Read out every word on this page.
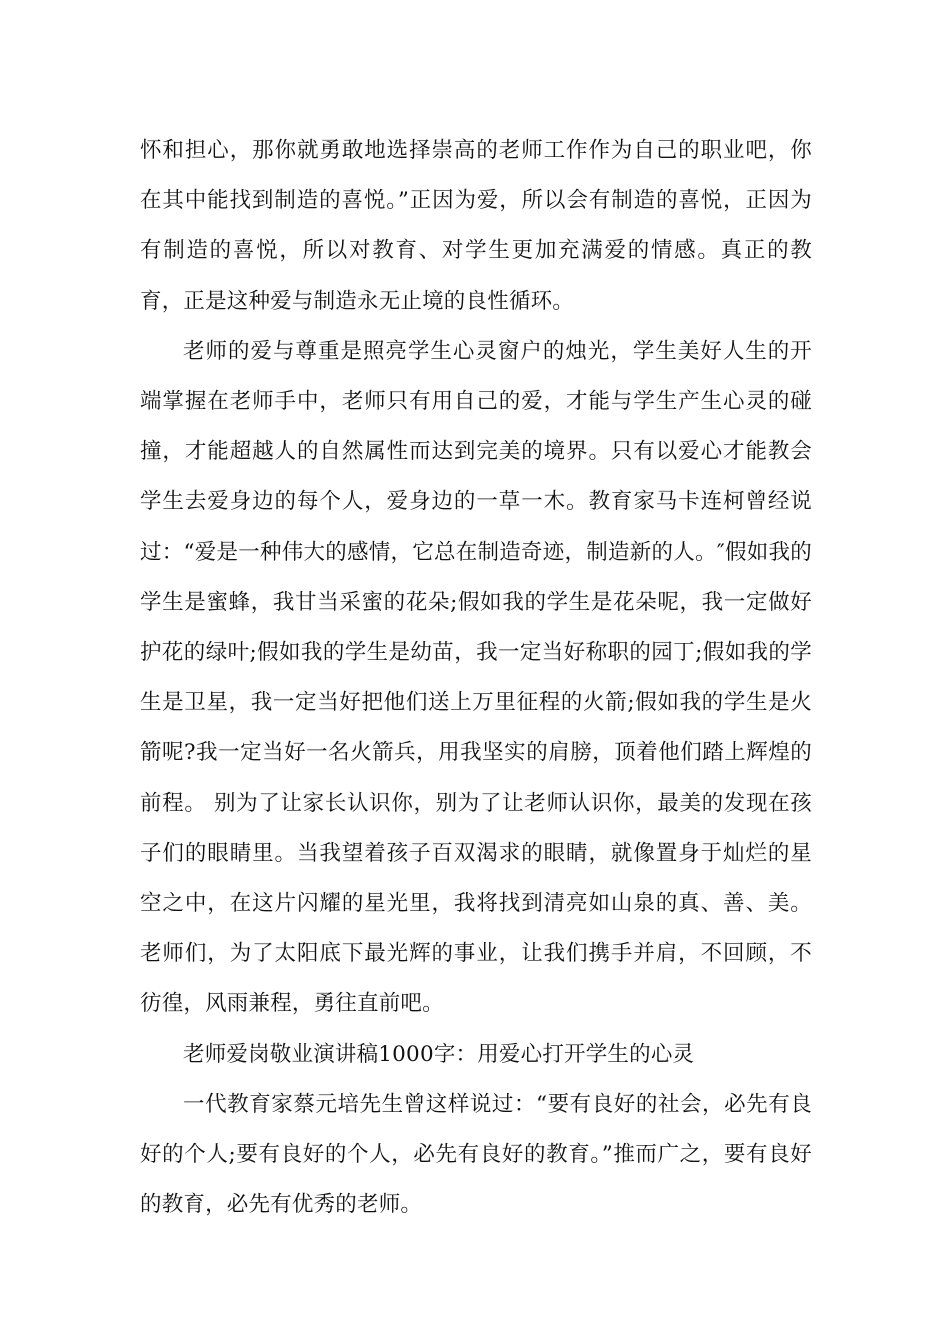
怀和担心，那你就勇敢地选择崇高的老师工作作为自己的职业吧，你在其中能找到制造的喜悦。”正因为爱，所以会有制造的喜悦，正因为有制造的喜悦，所以对教育、对学生更加充满爱的情感。真正的教育，正是这种爱与制造永无止境的良性循环。

老师的爱与尊重是照亮学生心灵窗户的烛光，学生美好人生的开端掌握在老师手中，老师只有用自己的爱，才能与学生产生心灵的碰撞，才能超越人的自然属性而达到完美的境界。只有以爱心才能教会学生去爱身边的每个人，爱身边的一草一木。教育家马卡连柯曾经说过：“爱是一种伟大的感情，它总在制造奇迹，制造新的人。″假如我的学生是蜜蜂，我甘当采蜜的花朵;假如我的学生是花朵呢，我一定做好护花的绿叶;假如我的学生是幼苗，我一定当好称职的园丁;假如我的学生是卫星，我一定当好把他们送上万里征程的火箭;假如我的学生是火箭呢?我一定当好一名火箭兵，用我坚实的肩膀，顶着他们踏上辉煌的前程。 别为了让家长认识你，别为了让老师认识你，最美的发现在孩子们的眼睛里。当我望着孩子百双渴求的眼睛，就像置身于灿烂的星空之中，在这片闪耀的星光里，我将找到清亮如山泉的真、善、美。老师们，为了太阳底下最光辉的事业，让我们携手并肩，不回顾，不彷徨，风雨兼程，勇往直前吧。

老师爱岗敬业演讲稿1000字：用爱心打开学生的心灵

一代教育家蔡元培先生曾这样说过：“要有良好的社会，必先有良好的个人;要有良好的个人，必先有良好的教育。”推而广之，要有良好的教育，必先有优秀的老师。
